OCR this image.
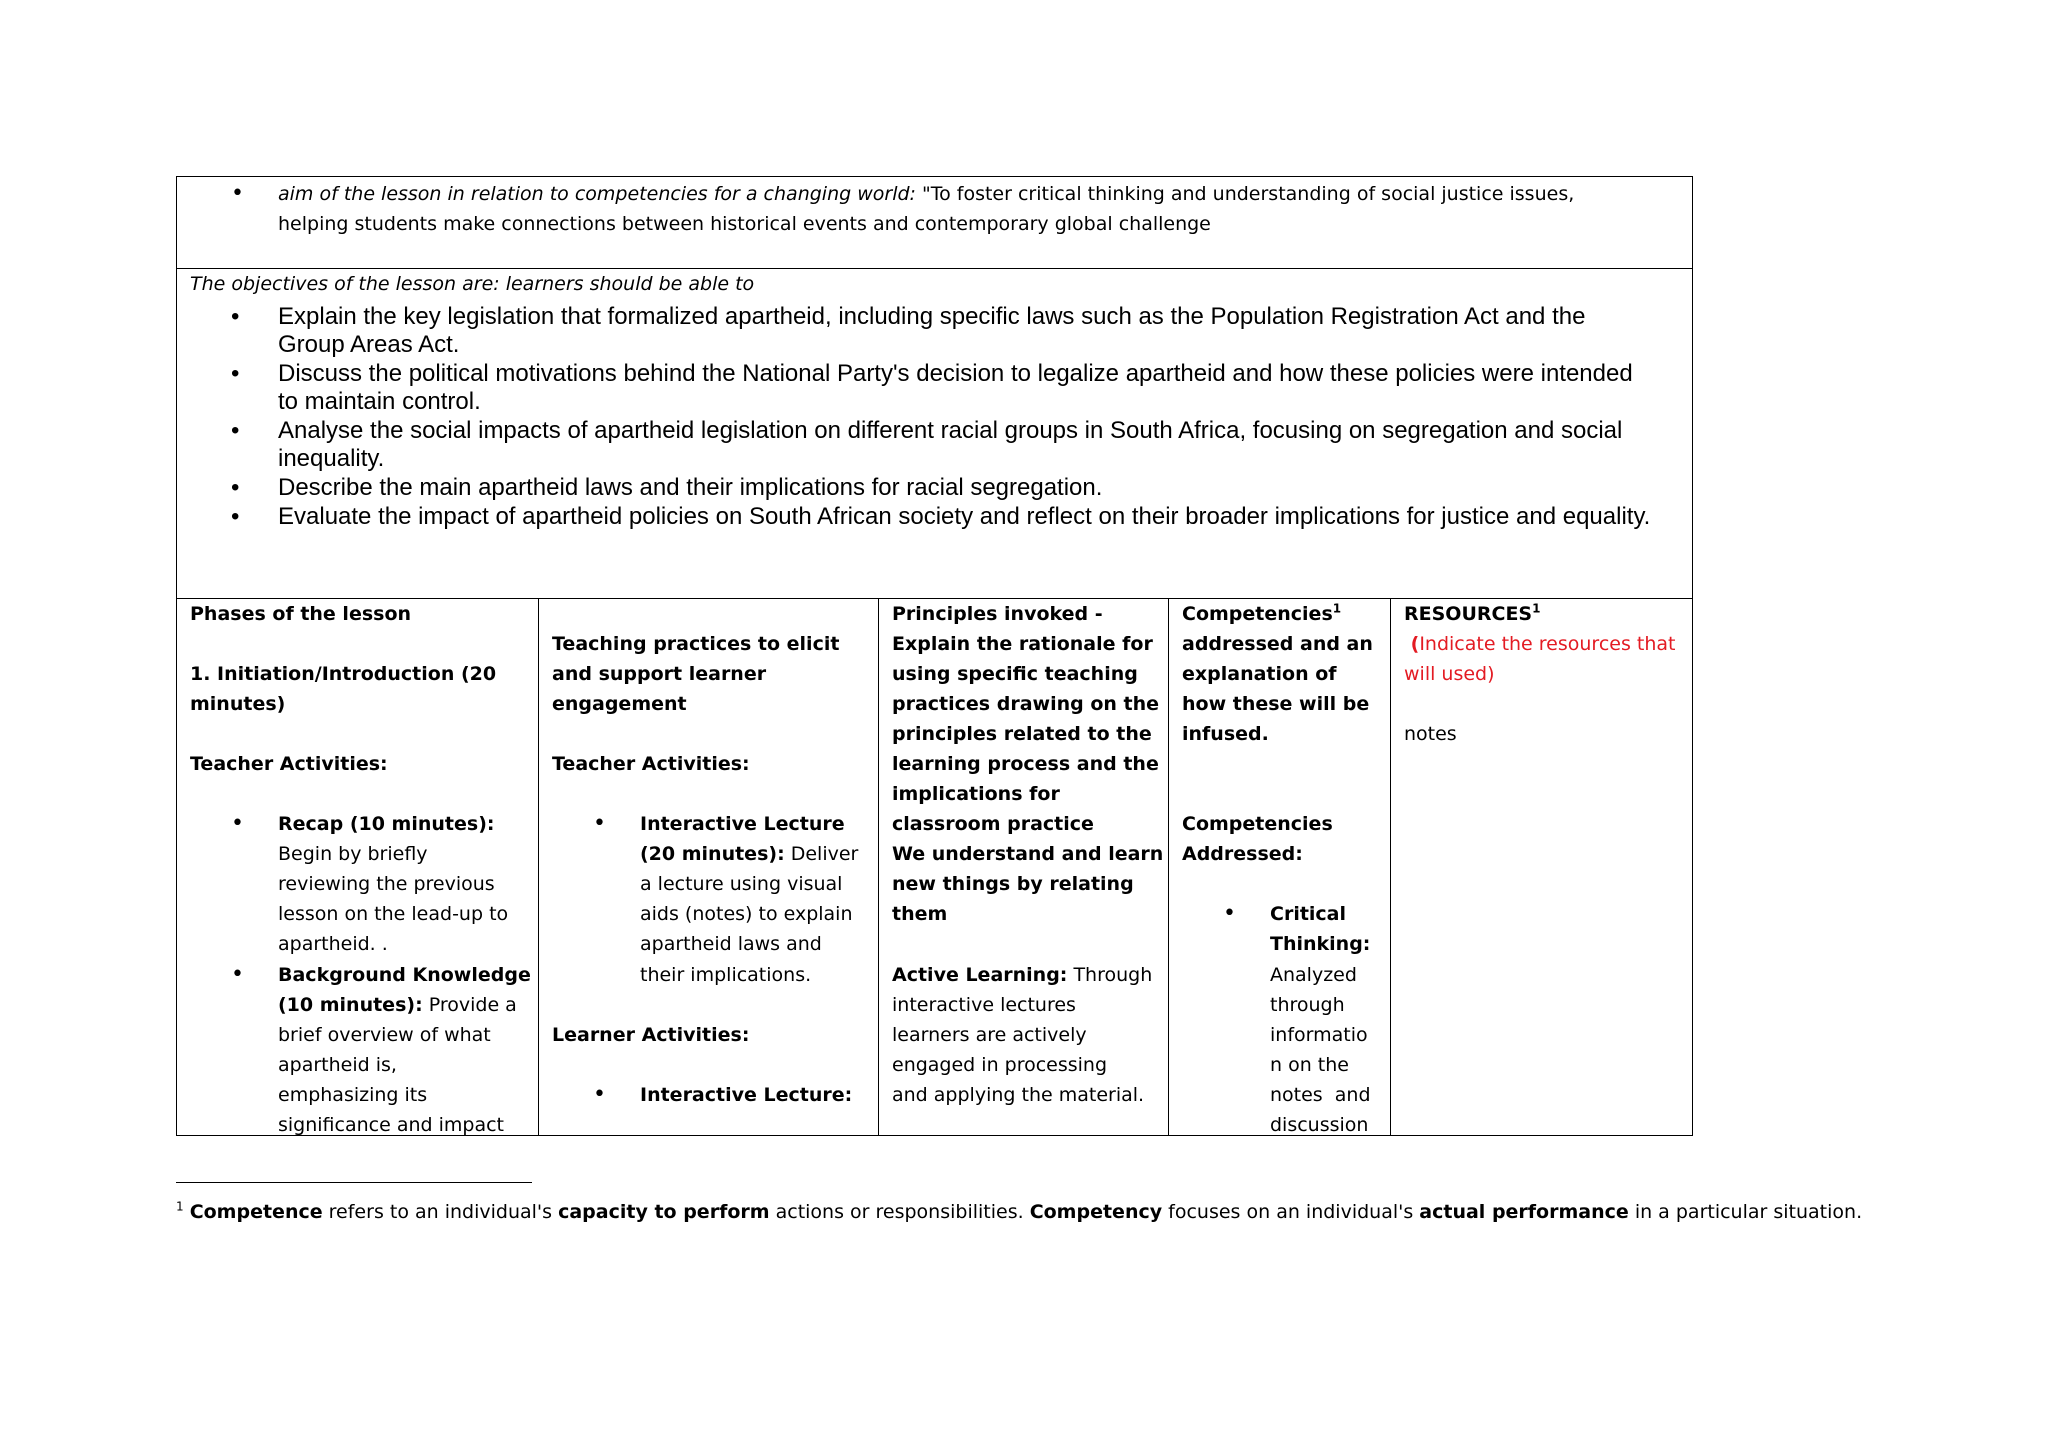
• aim of the lesson in relation to competencies for a changing world: "To foster critical thinking and understanding of social justice issues,
helping students make connections between historical events and contemporary global challenge
The objectives of the lesson are: learners should be able to
• Explain the key legislation that formalized apartheid, including specific laws such as the Population Registration Act and the
Group Areas Act.
• Discuss the political motivations behind the National Party's decision to legalize apartheid and how these policies were intended
to maintain control.
• Analyse the social impacts of apartheid legislation on different racial groups in South Africa, focusing on segregation and social
inequality.
• Describe the main apartheid laws and their implications for racial segregation.
• Evaluate the impact of apartheid policies on South African society and reflect on their broader implications for justice and equality.
Phases of the lesson
1. Initiation/Introduction (20
minutes)
Teacher Activities:
• Recap (10 minutes):
Begin by briefly
reviewing the previous
lesson on the lead-up to
apartheid. .
• Background Knowledge
(10 minutes): Provide a
brief overview of what
apartheid is,
emphasizing its
significance and impact
Teaching practices to elicit
and support learner
engagement
Teacher Activities:
• Interactive Lecture
(20 minutes): Deliver
a lecture using visual
aids (notes) to explain
apartheid laws and
their implications.
Learner Activities:
• Interactive Lecture:
Principles invoked -
Explain the rationale for
using specific teaching
practices drawing on the
principles related to the
learning process and the
implications for
classroom practice
We understand and learn
new things by relating
them
Active Learning: Through
interactive lectures
learners are actively
engaged in processing
and applying the material.
Competencies$^1$
addressed and an
explanation of
how these will be
infused.
Competencies
Addressed:
• Critical
Thinking:
Analyzed
through
informatio
n on the
notes  and
discussion
RESOURCES$^1$
(Indicate the resources that
will used)
notes
$^1$ Competence refers to an individual's capacity to perform actions or responsibilities. Competency focuses on an individual's actual performance in a particular situation.
